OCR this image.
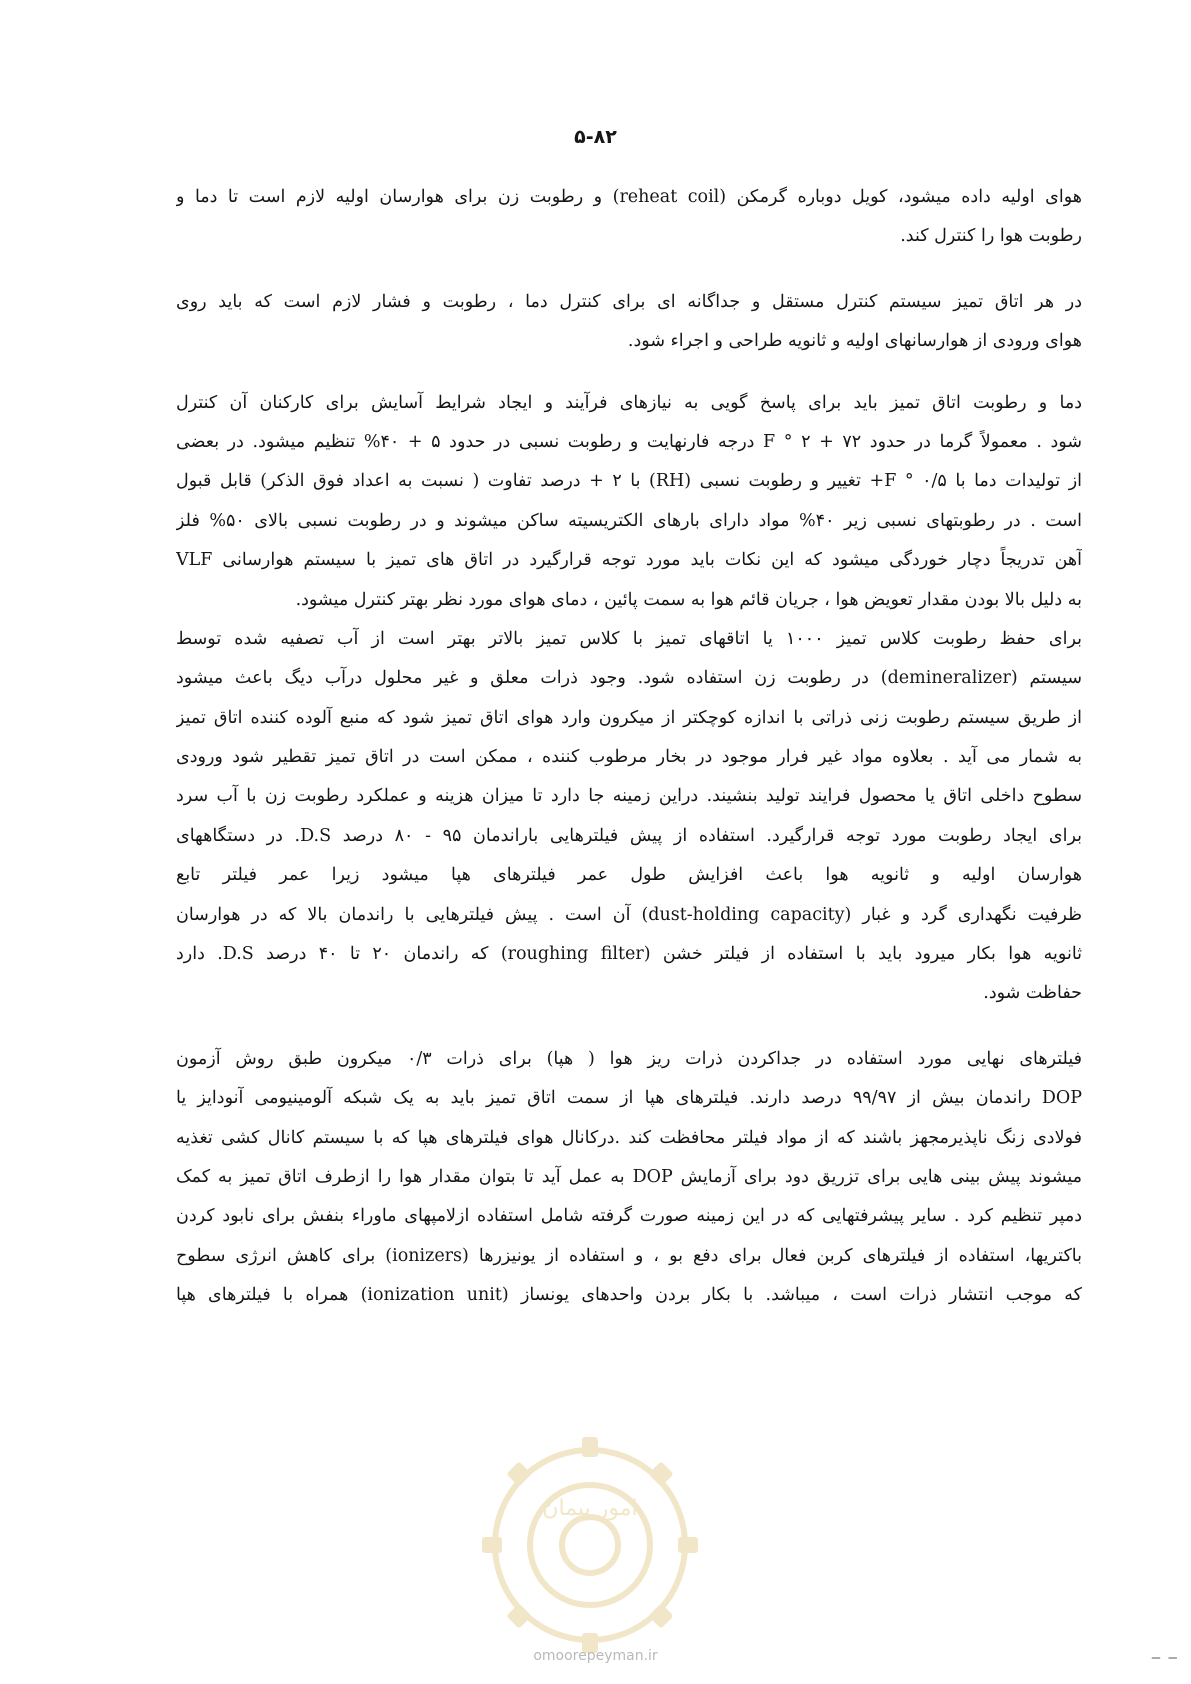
۵-۸۲
هوای اولیه داده میشود، کویل دوباره گرمکن (reheat coil) و رطوبت زن برای هوارسان اولیه لازم است تا دما و
رطوبت هوا را کنترل کند.
در هر اتاق تمیز سیستم کنترل مستقل و جداگانه ای برای کنترل دما ، رطوبت و فشار لازم است که باید روی
هوای ورودی از هوارسانهای اولیه و ثانویه طراحی و اجراء شود.
دما و رطوبت اتاق تمیز باید برای پاسخ گویی به نیازهای فرآیند و ایجاد شرایط آسایش برای کارکنان آن کنترل
شود . معمولاً گرما در حدود F ° ۲ + ۷۲ درجه فارنهایت و رطوبت نسبی در حدود ۵ + ۴۰% تنظیم میشود. در بعضی
از تولیدات دما با F ° ۰/۵+ تغییر و رطوبت نسبی (RH) با ۲ + درصد تفاوت ( نسبت به اعداد فوق الذکر) قابل قبول
است . در رطوبتهای نسبی زیر ۴۰% مواد دارای بارهای الکتریسیته ساکن میشوند و در رطوبت نسبی بالای ۵۰% فلز
آهن تدریجاً دچار خوردگی میشود که این نکات باید مورد توجه قرارگیرد در اتاق های تمیز با سیستم هوارسانی VLF
به دلیل بالا بودن مقدار تعویض هوا ، جریان قائم هوا به سمت پائین ، دمای هوای مورد نظر بهتر کنترل میشود.
برای حفظ رطوبت کلاس تمیز ۱۰۰۰ یا اتاقهای تمیز با کلاس تمیز بالاتر بهتر است از آب تصفیه شده توسط
سیستم (demineralizer) در رطوبت زن استفاده شود. وجود ذرات معلق و غیر محلول درآب دیگ باعث میشود
از طریق سیستم رطوبت زنی ذراتی با اندازه کوچکتر از میکرون وارد هوای اتاق تمیز شود که منبع آلوده کننده اتاق تمیز
به شمار می آید . بعلاوه مواد غیر فرار موجود در بخار مرطوب کننده ، ممکن است در اتاق تمیز تقطیر شود ورودی
سطوح داخلی اتاق یا محصول فرایند تولید بنشیند. دراین زمینه جا دارد تا میزان هزینه و عملکرد رطوبت زن با آب سرد
برای ایجاد رطوبت مورد توجه قرارگیرد. استفاده از پیش فیلترهایی باراندمان ۹۵ - ۸۰ درصد D.S. در دستگاههای
هوارسان اولیه و ثانویه هوا باعث افزایش طول عمر فیلترهای هپا میشود زیرا عمر فیلتر تابع
ظرفیت نگهداری گرد و غبار (dust-holding capacity) آن است . پیش فیلترهایی با راندمان بالا که در هوارسان
ثانویه هوا بکار میرود باید با استفاده از فیلتر خشن (roughing filter) که راندمان ۲۰ تا ۴۰ درصد D.S. دارد
حفاظت شود.
فیلترهای نهایی مورد استفاده در جداکردن ذرات ریز هوا ( هپا) برای ذرات ۰/۳ میکرون طبق روش آزمون
DOP راندمان بیش از ۹۹/۹۷ درصد دارند. فیلترهای هپا از سمت اتاق تمیز باید به یک شبکه آلومینیومی آنودایز یا
فولادی زنگ ناپذیرمجهز باشند که از مواد فیلتر محافظت کند .درکانال هوای فیلترهای هپا که با سیستم کانال کشی تغذیه
میشوند پیش بینی هایی برای تزریق دود برای آزمایش DOP به عمل آید تا بتوان مقدار هوا را ازطرف اتاق تمیز به کمک
دمپر تنظیم کرد . سایر پیشرفتهایی که در این زمینه صورت گرفته شامل استفاده ازلامپهای ماوراء بنفش برای نابود کردن
باکتریها، استفاده از فیلترهای کربن فعال برای دفع بو ، و استفاده از یونیزرها (ionizers) برای کاهش انرژی سطوح
که موجب انتشار ذرات است ، میباشد. با بکار بردن واحدهای یونساز (ionization unit) همراه با فیلترهای هپا
امور پیمان
omoorepeyman.ir	— —
